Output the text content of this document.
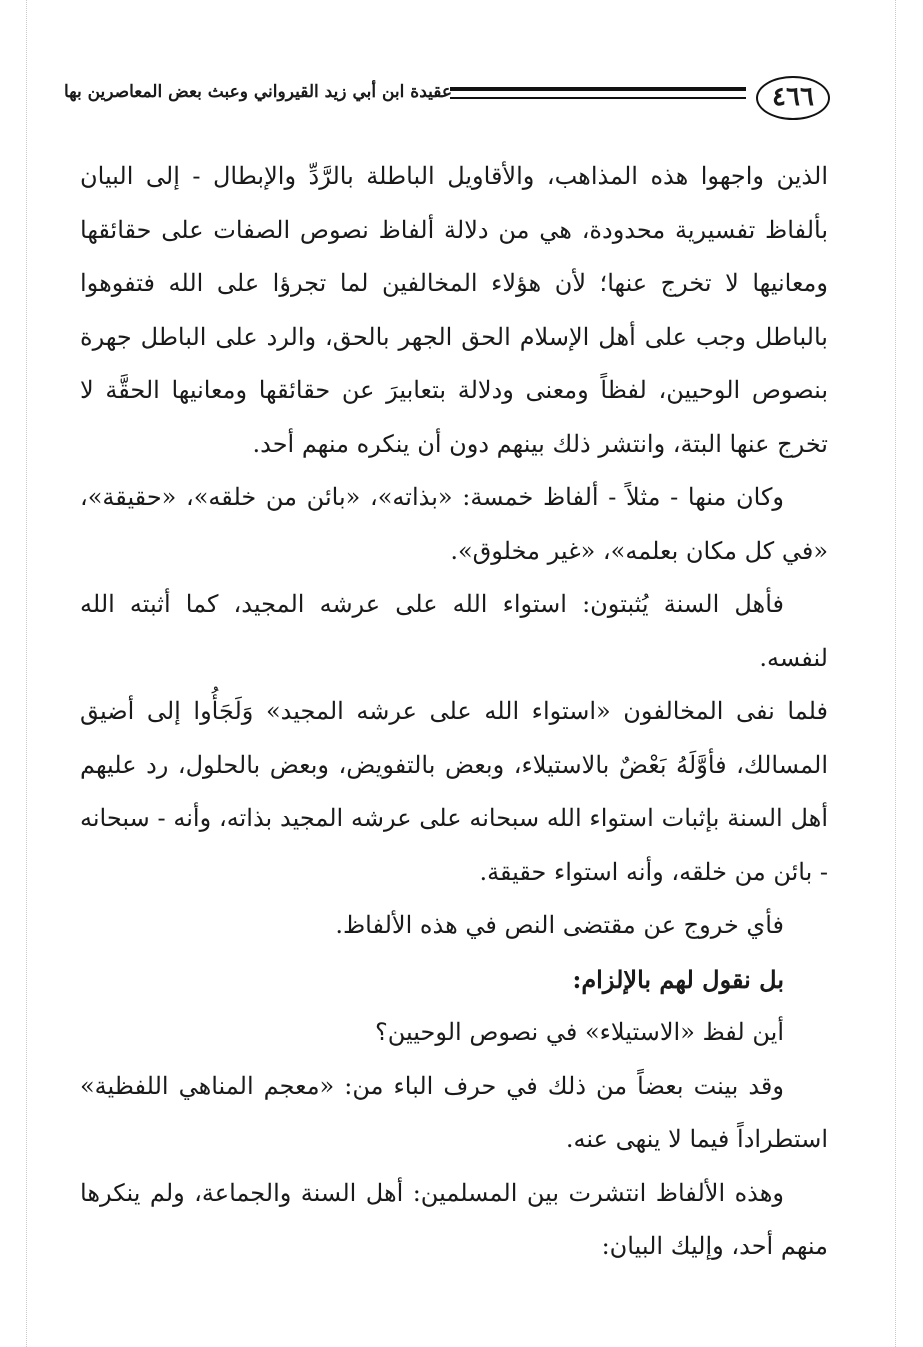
٤٦٦
عقيدة ابن أبي زيد القيرواني وعبث بعض المعاصرين بها

الذين واجهوا هذه المذاهب، والأقاويل الباطلة بالرَّدِّ والإبطال - إلى البيان بألفاظ تفسيرية محدودة، هي من دلالة ألفاظ نصوص الصفات على حقائقها ومعانيها لا تخرج عنها؛ لأن هؤلاء المخالفين لما تجرؤا على الله فتفوهوا بالباطل وجب على أهل الإسلام الحق الجهر بالحق، والرد على الباطل جهرة بنصوص الوحيين، لفظاً ومعنى ودلالة بتعابيرَ عن حقائقها ومعانيها الحقَّة لا تخرج عنها البتة، وانتشر ذلك بينهم دون أن ينكره منهم أحد.

وكان منها - مثلاً - ألفاظ خمسة: «بذاته»، «بائن من خلقه»، «حقيقة»، «في كل مكان بعلمه»، «غير مخلوق».

فأهل السنة يُثبتون: استواء الله على عرشه المجيد، كما أثبته الله لنفسه.

فلما نفى المخالفون «استواء الله على عرشه المجيد» وَلَجَأُوا إلى أضيق المسالك، فأوَّلَهُ بَعْضٌ بالاستيلاء، وبعض بالتفويض، وبعض بالحلول، رد عليهم أهل السنة بإثبات استواء الله سبحانه على عرشه المجيد بذاته، وأنه - سبحانه - بائن من خلقه، وأنه استواء حقيقة.

فأي خروج عن مقتضى النص في هذه الألفاظ.

بل نقول لهم بالإلزام:

أين لفظ «الاستيلاء» في نصوص الوحيين؟

وقد بينت بعضاً من ذلك في حرف الباء من: «معجم المناهي اللفظية» استطراداً فيما لا ينهى عنه.

وهذه الألفاظ انتشرت بين المسلمين: أهل السنة والجماعة، ولم ينكرها منهم أحد، وإليك البيان:
